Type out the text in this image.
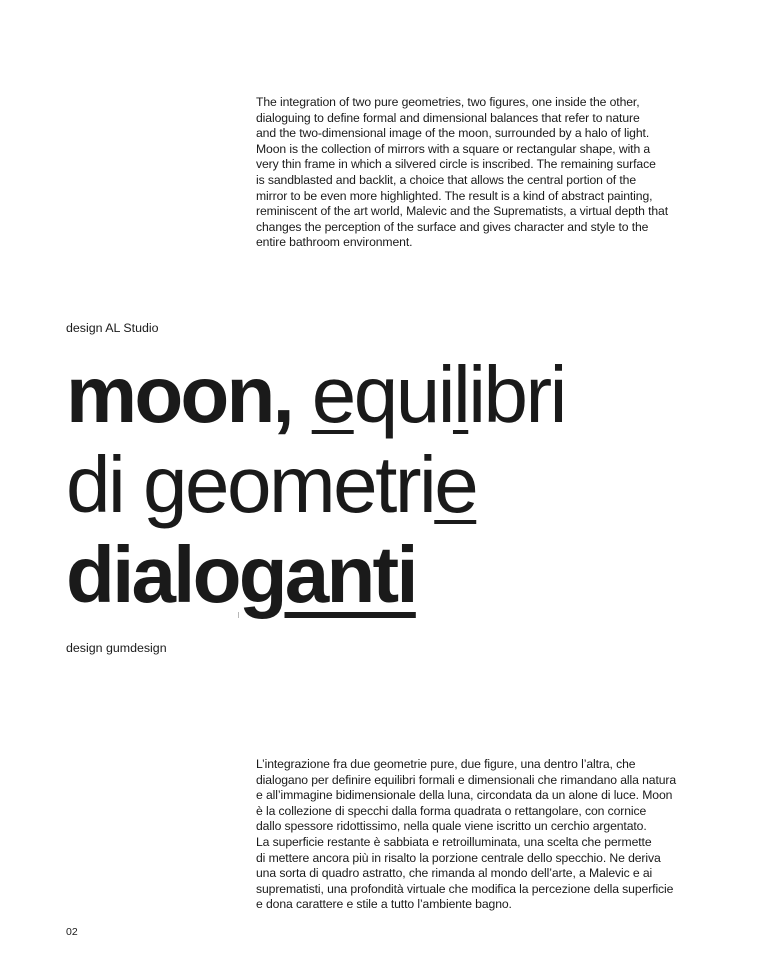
The integration of two pure geometries, two figures, one inside the other,
dialoguing to define formal and dimensional balances that refer to nature
and the two-dimensional image of the moon, surrounded by a halo of light.
Moon is the collection of mirrors with a square or rectangular shape, with a
very thin frame in which a silvered circle is inscribed. The remaining surface
is sandblasted and backlit, a choice that allows the central portion of the
mirror to be even more highlighted. The result is a kind of abstract painting,
reminiscent of the art world, Malevic and the Suprematists, a virtual depth that
changes the perception of the surface and gives character and style to the
entire bathroom environment.
design AL Studio
moon, equilibri
di geometrie
dialoganti
design gumdesign
L’integrazione fra due geometrie pure, due figure, una dentro l’altra, che
dialogano per definire equilibri formali e dimensionali che rimandano alla natura
e all’immagine bidimensionale della luna, circondata da un alone di luce. Moon
è la collezione di specchi dalla forma quadrata o rettangolare, con cornice
dallo spessore ridottissimo, nella quale viene iscritto un cerchio argentato.
La superficie restante è sabbiata e retroilluminata, una scelta che permette
di mettere ancora più in risalto la porzione centrale dello specchio. Ne deriva
una sorta di quadro astratto, che rimanda al mondo dell’arte, a Malevic e ai
suprematisti, una profondità virtuale che modifica la percezione della superficie
e dona carattere e stile a tutto l’ambiente bagno.
02
